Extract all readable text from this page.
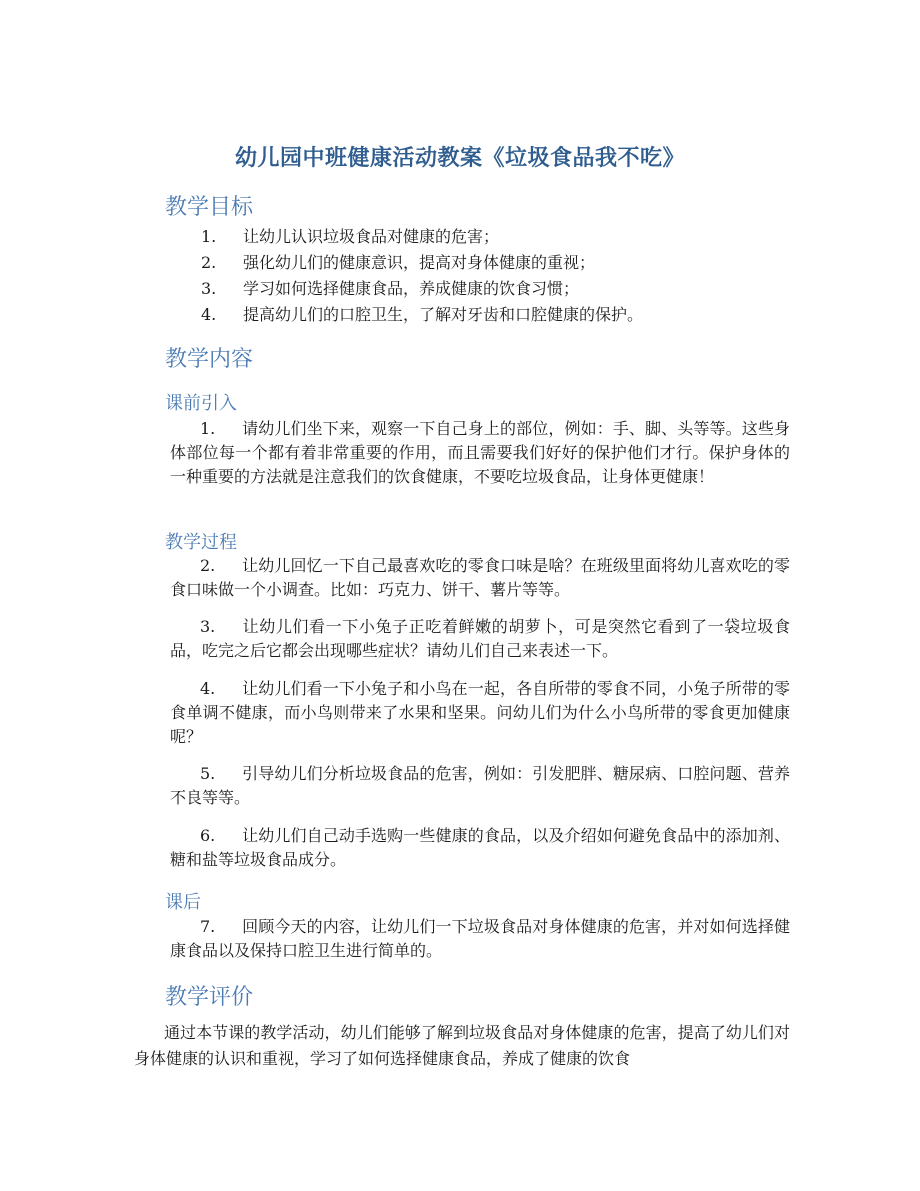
幼儿园中班健康活动教案《垃圾食品我不吃》
教学目标
1. 让幼儿认识垃圾食品对健康的危害；
2. 强化幼儿们的健康意识，提高对身体健康的重视；
3. 学习如何选择健康食品，养成健康的饮食习惯；
4. 提高幼儿们的口腔卫生，了解对牙齿和口腔健康的保护。
教学内容
课前引入
1. 请幼儿们坐下来，观察一下自己身上的部位，例如：手、脚、头等等。这些身体部位每一个都有着非常重要的作用，而且需要我们好好的保护他们才行。保护身体的一种重要的方法就是注意我们的饮食健康，不要吃垃圾食品，让身体更健康！
教学过程
2. 让幼儿回忆一下自己最喜欢吃的零食口味是啥？在班级里面将幼儿喜欢吃的零食口味做一个小调查。比如：巧克力、饼干、薯片等等。
3. 让幼儿们看一下小兔子正吃着鲜嫩的胡萝卜，可是突然它看到了一袋垃圾食品，吃完之后它都会出现哪些症状？请幼儿们自己来表述一下。
4. 让幼儿们看一下小兔子和小鸟在一起，各自所带的零食不同，小兔子所带的零食单调不健康，而小鸟则带来了水果和坚果。问幼儿们为什么小鸟所带的零食更加健康呢？
5. 引导幼儿们分析垃圾食品的危害，例如：引发肥胖、糖尿病、口腔问题、营养不良等等。
6. 让幼儿们自己动手选购一些健康的食品，以及介绍如何避免食品中的添加剂、糖和盐等垃圾食品成分。
课后
7. 回顾今天的内容，让幼儿们一下垃圾食品对身体健康的危害，并对如何选择健康食品以及保持口腔卫生进行简单的。
教学评价
通过本节课的教学活动，幼儿们能够了解到垃圾食品对身体健康的危害，提高了幼儿们对身体健康的认识和重视，学习了如何选择健康食品，养成了健康的饮食
